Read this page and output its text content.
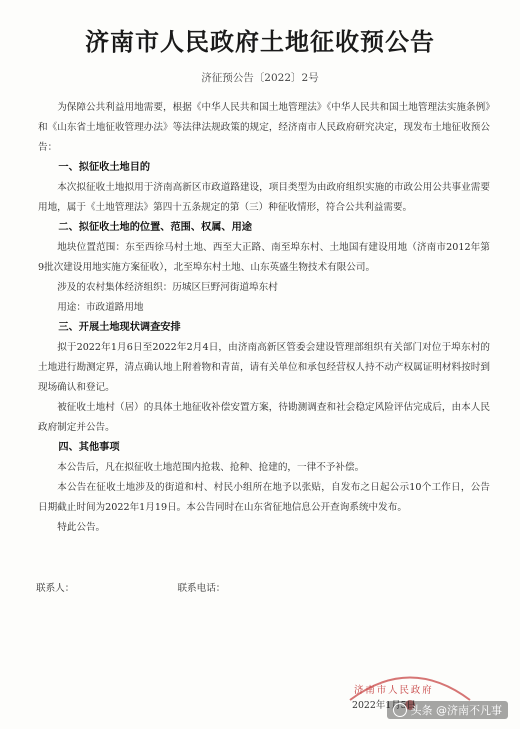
济南市人民政府土地征收预公告
济征预公告〔2022〕2号

为保障公共利益用地需要，根据《中华人民共和国土地管理法》《中华人民共和国土地管理法实施条例》和《山东省土地征收管理办法》等法律法规政策的规定，经济南市人民政府研究决定，现发布土地征收预公告：

一、拟征收土地目的

本次拟征收土地拟用于济南高新区市政道路建设，项目类型为由政府组织实施的市政公用公共事业需要用地，属于《土地管理法》第四十五条规定的第（三）种征收情形，符合公共利益需要。

二、拟征收土地的位置、范围、权属、用途

地块位置范围：东至西徐马村土地、西至大正路、南至埠东村、土地国有建设用地（济南市2012年第9批次建设用地实施方案征收），北至埠东村土地、山东英盛生物技术有限公司。

涉及的农村集体经济组织：历城区巨野河街道埠东村

用途：市政道路用地

三、开展土地现状调查安排

拟于2022年1月6日至2022年2月4日，由济南高新区管委会建设管理部组织有关部门对位于埠东村的土地进行勘测定界，清点确认地上附着物和青苗，请有关单位和承包经营权人持不动产权属证明材料按时到现场确认和登记。

被征收土地村（居）的具体土地征收补偿安置方案，待勘测调查和社会稳定风险评估完成后，由本人民政府制定并公告。

四、其他事项

本公告后，凡在拟征收土地范围内抢栽、抢种、抢建的，一律不予补偿。

本公告在征收土地涉及的街道和村、村民小组所在地予以张贴，自发布之日起公示10个工作日，公告日期截止时间为2022年1月19日。本公告同时在山东省征地信息公开查询系统中发布。

特此公告。

联系人：	联系电话：
济南市人民政府
2022年1月5日
头条 @济南不凡事
